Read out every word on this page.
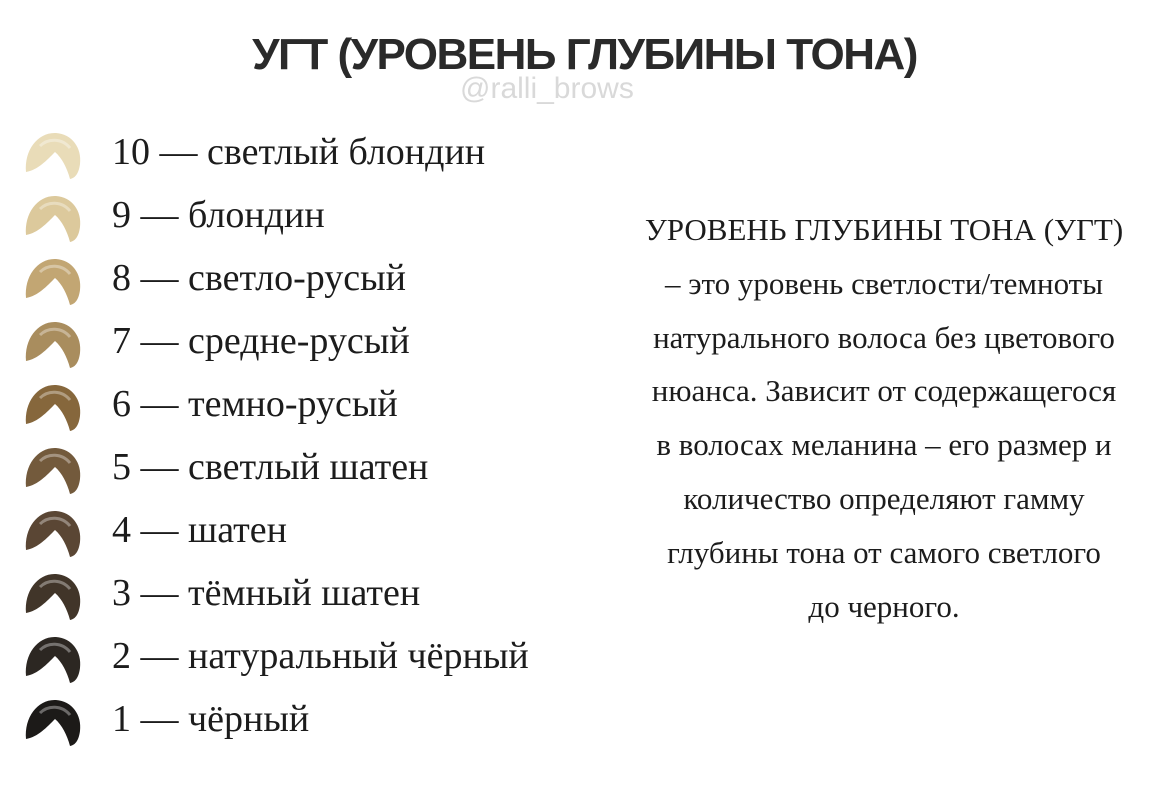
УГТ (УРОВЕНЬ ГЛУБИНЫ ТОНА)
@ralli_brows
10 — светлый блондин
9 — блондин
8 — светло-русый
7 — средне-русый
6 — темно-русый
5 — светлый шатен
4 — шатен
3 — тёмный шатен
2 — натуральный чёрный
1 — чёрный
УРОВЕНЬ ГЛУБИНЫ ТОНА (УГТ)
– это уровень светлости/темноты
натурального волоса без цветового
нюанса. Зависит от содержащегося
в волосах меланина – его размер и
количество определяют гамму
глубины тона от самого светлого
до черного.
